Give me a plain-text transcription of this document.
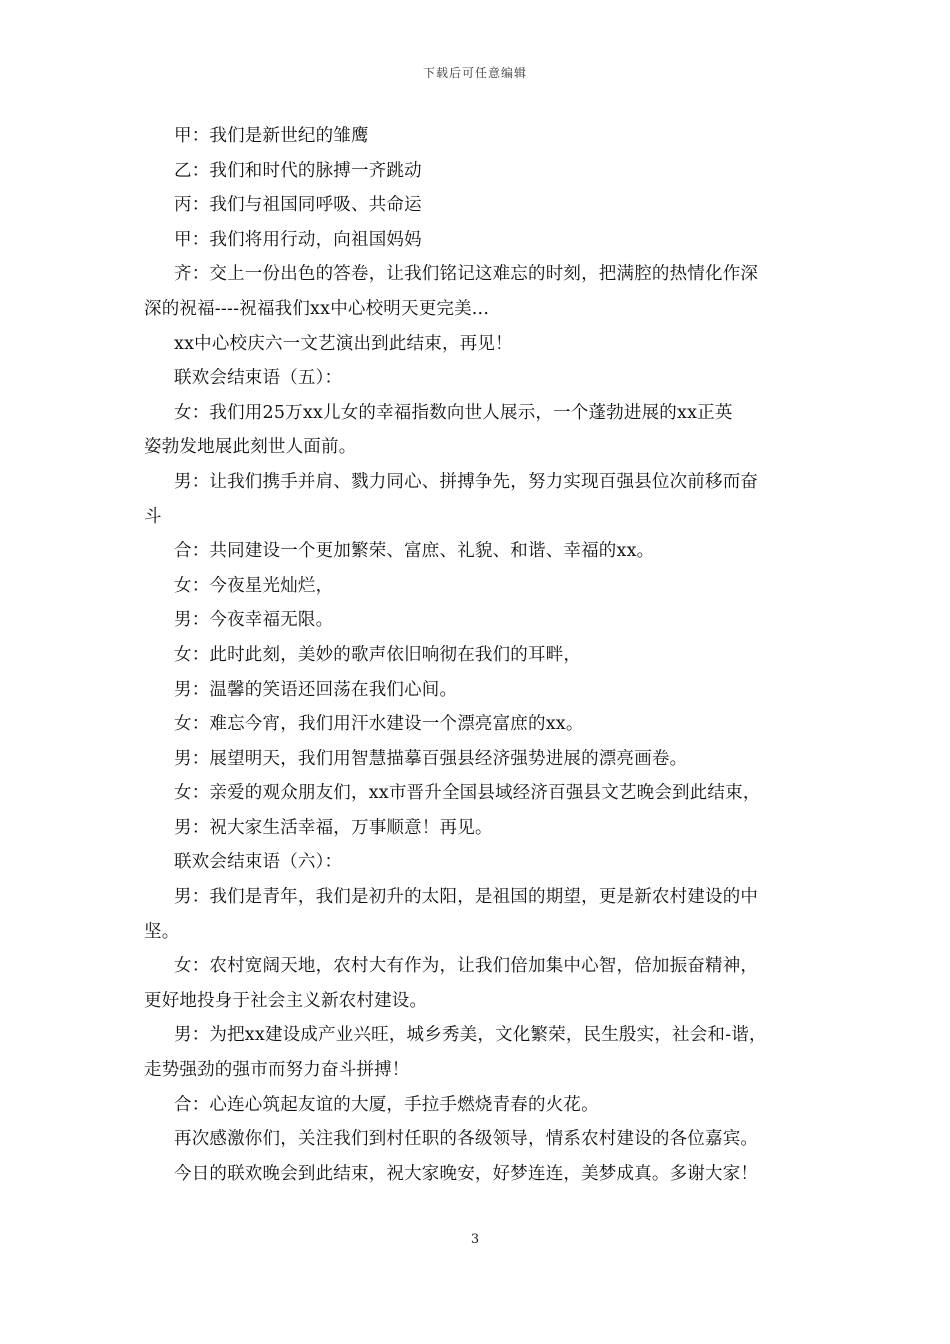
下载后可任意编辑
甲：我们是新世纪的雏鹰
乙：我们和时代的脉搏一齐跳动
丙：我们与祖国同呼吸、共命运
甲：我们将用行动，向祖国妈妈
齐：交上一份出色的答卷，让我们铭记这难忘的时刻，把满腔的热情化作深
深的祝福----祝福我们xx中心校明天更完美...
xx中心校庆六一文艺演出到此结束，再见！
联欢会结束语（五）：
女：我们用25万xx儿女的幸福指数向世人展示，一个蓬勃进展的xx正英
姿勃发地展此刻世人面前。
男：让我们携手并肩、戮力同心、拼搏争先，努力实现百强县位次前移而奋
斗
合：共同建设一个更加繁荣、富庶、礼貌、和谐、幸福的xx。
女：今夜星光灿烂，
男：今夜幸福无限。
女：此时此刻，美妙的歌声依旧响彻在我们的耳畔，
男：温馨的笑语还回荡在我们心间。
女：难忘今宵，我们用汗水建设一个漂亮富庶的xx。
男：展望明天，我们用智慧描摹百强县经济强势进展的漂亮画卷。
女：亲爱的观众朋友们，xx市晋升全国县域经济百强县文艺晚会到此结束，
男：祝大家生活幸福，万事顺意！再见。
联欢会结束语（六）：
男：我们是青年，我们是初升的太阳，是祖国的期望，更是新农村建设的中
坚。
女：农村宽阔天地，农村大有作为，让我们倍加集中心智，倍加振奋精神，
更好地投身于社会主义新农村建设。
男：为把xx建设成产业兴旺，城乡秀美，文化繁荣，民生殷实，社会和-谐，
走势强劲的强市而努力奋斗拼搏！
合：心连心筑起友谊的大厦，手拉手燃烧青春的火花。
再次感激你们，关注我们到村任职的各级领导，情系农村建设的各位嘉宾。
今日的联欢晚会到此结束，祝大家晚安，好梦连连，美梦成真。多谢大家！
3
